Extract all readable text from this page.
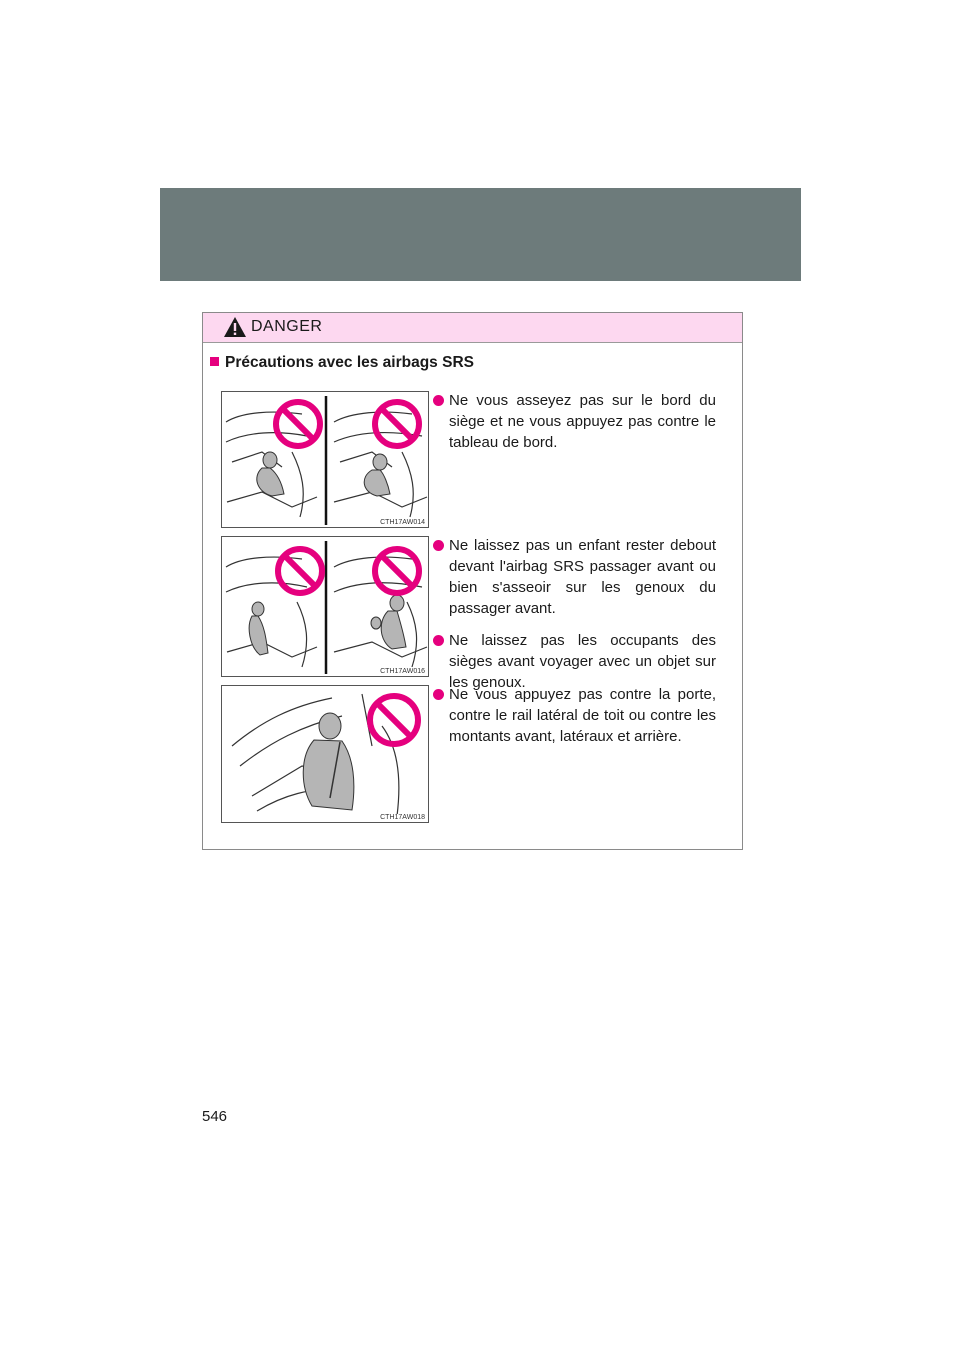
DANGER
Précautions avec les airbags SRS
CTH17AW014
CTH17AW016
CTH17AW018
Ne vous asseyez pas sur le bord du siège et ne vous appuyez pas contre le tableau de bord.
Ne laissez pas un enfant rester debout devant l'airbag SRS passager avant ou bien s'asseoir sur les genoux du passager avant.
Ne laissez pas les occupants des sièges avant voyager avec un objet sur les genoux.
Ne vous appuyez pas contre la porte, contre le rail latéral de toit ou contre les montants avant, latéraux et arrière.
546
